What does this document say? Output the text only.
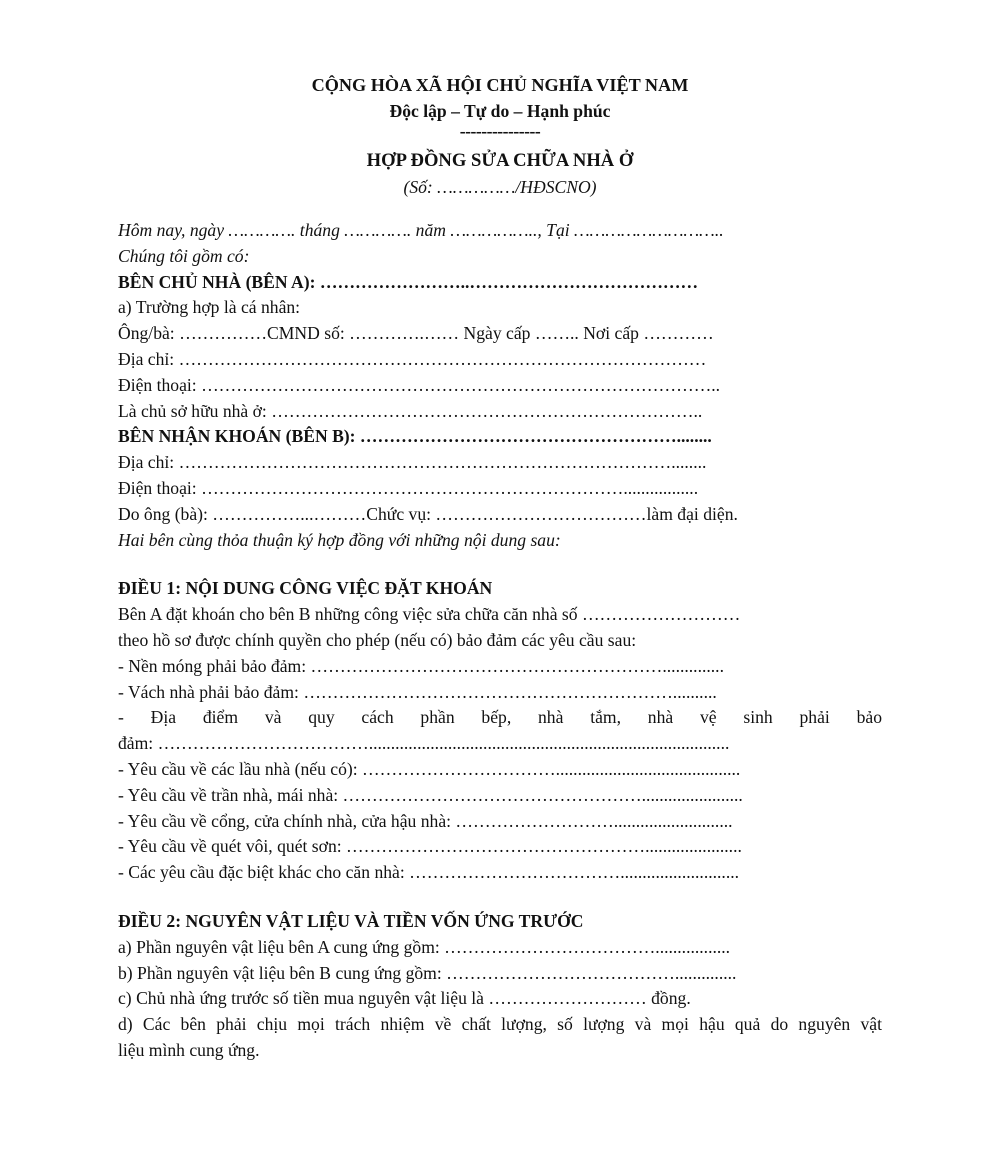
CỘNG HÒA XÃ HỘI CHỦ NGHĨA VIỆT NAM
Độc lập – Tự do – Hạnh phúc
---------------
HỢP ĐỒNG SỬA CHỮA NHÀ Ở
(Số: ……………/HĐSCNO)
Hôm nay, ngày …………. tháng …………. năm …………….., Tại ………………………..
Chúng tôi gồm có:
BÊN CHỦ NHÀ (BÊN A): ……………………..…………………………………
a) Trường hợp là cá nhân:
Ông/bà: ……………CMND số: ………….…… Ngày cấp …….. Nơi cấp …………
Địa chỉ: ………………………………………………………………………………
Điện thoại: ……………………………………………………………………………..
Là chủ sở hữu nhà ở: ………………………………………………………………..
BÊN NHẬN KHOÁN (BÊN B): ………………………………………………........
Địa chỉ: …………………………………………………………………………........
Điện thoại: ……………………………………………………………….................
Do ông (bà): ……………...………Chức vụ: ………………………………làm đại diện.
Hai bên cùng thỏa thuận ký hợp đồng với những nội dung sau:
ĐIỀU 1: NỘI DUNG CÔNG VIỆC ĐẶT KHOÁN
Bên A đặt khoán cho bên B những công việc sửa chữa căn nhà số ………………………
theo hồ sơ được chính quyền cho phép (nếu có) bảo đảm các yêu cầu sau:
- Nền móng phải bảo đảm: ……………………………………………………..............
- Vách nhà phải bảo đảm: ………………………………………………………..........
- Địa điểm và quy cách phần bếp, nhà tắm, nhà vệ sinh phải bảo
đảm: ………………………………..................................................................................
- Yêu cầu về các lầu nhà (nếu có): ……………………………..........................................
- Yêu cầu về trần nhà, mái nhà: …………………………………………….......................
- Yêu cầu về cổng, cửa chính nhà, cửa hậu nhà: ………………………...........................
- Yêu cầu về quét vôi, quét sơn: ……………………………………………......................
- Các yêu cầu đặc biệt khác cho căn nhà: ………………………………...........................
ĐIỀU 2: NGUYÊN VẬT LIỆU VÀ TIỀN VỐN ỨNG TRƯỚC
a) Phần nguyên vật liệu bên A cung ứng gồm: ……………………………….................
b) Phần nguyên vật liệu bên B cung ứng gồm: …………………………………..............
c) Chủ nhà ứng trước số tiền mua nguyên vật liệu là ……………………… đồng.
d) Các bên phải chịu mọi trách nhiệm về chất lượng, số lượng và mọi hậu quả do nguyên vật
liệu mình cung ứng.
